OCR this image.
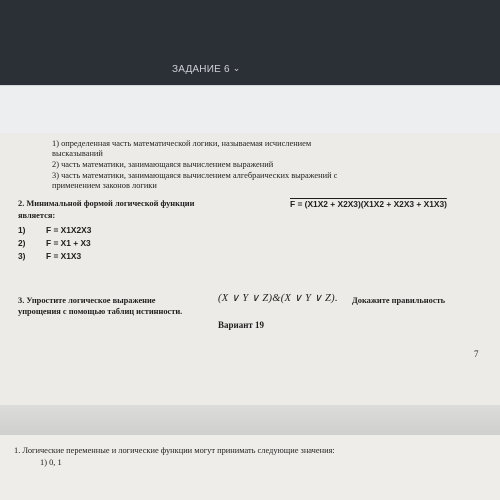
ЗАДАНИЕ 6 ⌄
1) определенная часть математической логики, называемая исчислением
высказываний
2) часть математики, занимающаяся вычислением выражений
3) часть математики, занимающаяся вычислением алгебраических выражений с
применением законов логики
2. Минимальной формой логической функции	F = (X1X2 + X2X3)(X1X2 + X2X3 + X1X3)
является:
1) F = X1X2X3
2) F = X1 + X3
3) F = X1X3
3. Упростите логическое выражение	(X ∨ Y ∨ Z)&(X ∨ Y ∨ Z). Докажите правильность
упрощения с помощью таблиц истинности.
Вариант 19
7
1. Логические переменные и логические функции могут принимать следующие значения:
1) 0, 1
